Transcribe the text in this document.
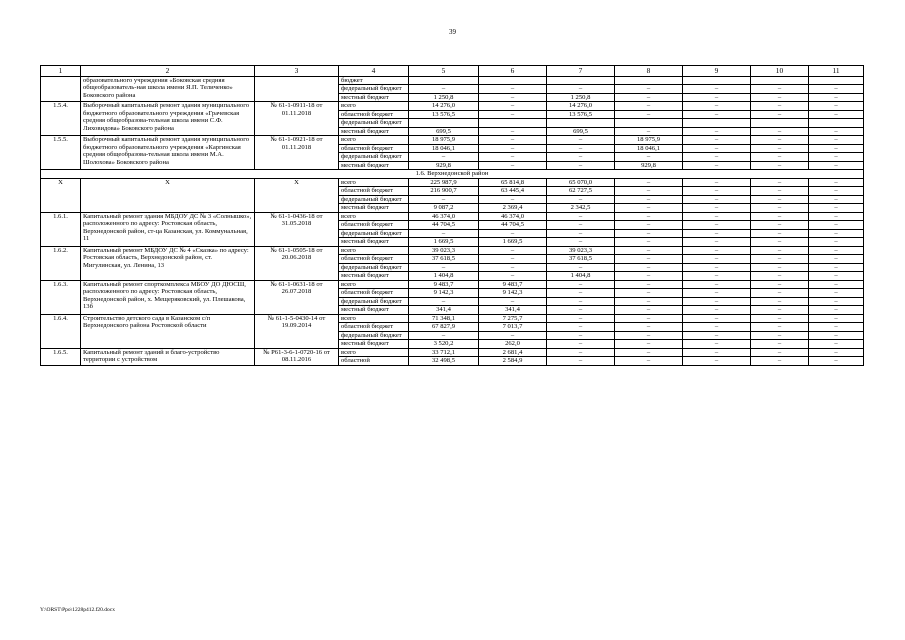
39
1	2	3	4	5	6	7	8	9	10	11
	образовательного учреждения «Боковская средняя общеобразователь-ная школа имени Я.П. Теличенко» Боковского района		бюджет							
			федеральный бюджет	–	–	–	–	–	–	–
			местный бюджет	1 250,8	–	1 250,8	–	–	–	–
1.5.4.	Выборочный капитальный ремонт здания муниципального бюджетного образовательного учреждения «Грачевская средняя общеобразова-тельная школа имени С.Ф. Лиховидова» Боковского района	№ 61-1-0911-18 от 01.11.2018	всего	14 276,0	–	14 276,0	–	–	–	–
			областной бюджет	13 576,5	–	13 576,5	–	–	–	–
			федеральный бюджет							
			местный бюджет	699,5	–	699,5	–	–	–	–
1.5.5.	Выборочный капитальный ремонт здания муниципального бюджетного образовательного учреждения «Каргинская средняя общеобразова-тельная школа имени М.А. Шолохова» Боковского района	№ 61-1-0921-18 от 01.11.2018	всего	18 975,9	–	–	18 975,9	–	–	–
			областной бюджет	18 046,1	–	–	18 046,1	–	–	–
			федеральный бюджет	–	–	–	–	–	–	–
			местный бюджет	929,8	–	–	929,8	–	–	–
1.6. Верхнедонской район										
X	X	X	всего	225 987,9	65 814,8	65 070,0	–	–	–	–
			областной бюджет	216 900,7	63 445,4	62 727,5	–	–	–	–
			федеральный бюджет	–	–	–	–	–	–	–
			местный бюджет	9 087,2	2 369,4	2 342,5	–	–	–	–
1.6.1.	Капитальный ремонт здания МБДОУ ДС № 3 «Солнышко», расположенного по адресу: Ростовская область, Верхнедонской район, ст-ца Казанская, ул. Коммунальная, 11	№ 61-1-0436-18 от 31.05.2018	всего	46 374,0	46 374,0	–	–	–	–	–
			областной бюджет	44 704,5	44 704,5	–	–	–	–	–
			федеральный бюджет	–	–	–	–	–	–	–
			местный бюджет	1 669,5	1 669,5	–	–	–	–	–
1.6.2.	Капитальный ремонт МБДОУ ДС № 4 «Сказка» по адресу: Ростовская область, Верхнедонской район, ст. Мигулинская, ул. Ленина, 13	№ 61-1-0505-18 от 20.06.2018	всего	39 023,3	–	39 023,3	–	–	–	–
			областной бюджет	37 618,5	–	37 618,5	–	–	–	–
			федеральный бюджет	–	–	–	–	–	–	–
			местный бюджет	1 404,8	–	1 404,8	–	–	–	–
1.6.3.	Капитальный ремонт спорткомплекса МБОУ ДО ДЮСШ, расположенного по адресу: Ростовская область, Верхнедонской район, х. Мещеряковский, ул. Плешакова, 13б	№ 61-1-0631-18 от 26.07.2018	всего	9 483,7	9 483,7	–	–	–	–	–
			областной бюджет	9 142,3	9 142,3	–	–	–	–	–
			федеральный бюджет	–	–	–	–	–	–	–
			местный бюджет	341,4	341,4	–	–	–	–	–
1.6.4.	Строительство детского сада в Казанском с/п Верхнедонского района Ростовской области	№ 61-1-5-0430-14 от 19.09.2014	всего	71 348,1	7 275,7	–	–	–	–	–
			областной бюджет	67 827,9	7 013,7	–	–	–	–	–
			федеральный бюджет	–	–	–	–	–	–	–
			местный бюджет	3 520,2	262,0	–	–	–	–	–
1.6.5.	Капитальный ремонт зданий и благо-устройство территории с устройством	№ Р61-3-6-1-0720-16 от 08.11.2016	всего	33 712,1	2 681,4	–	–	–	–	–
			областной	32 498,5	2 584,9	–	–	–	–	–
Y:\ORST\Ppo\1228p412.f20.docx
